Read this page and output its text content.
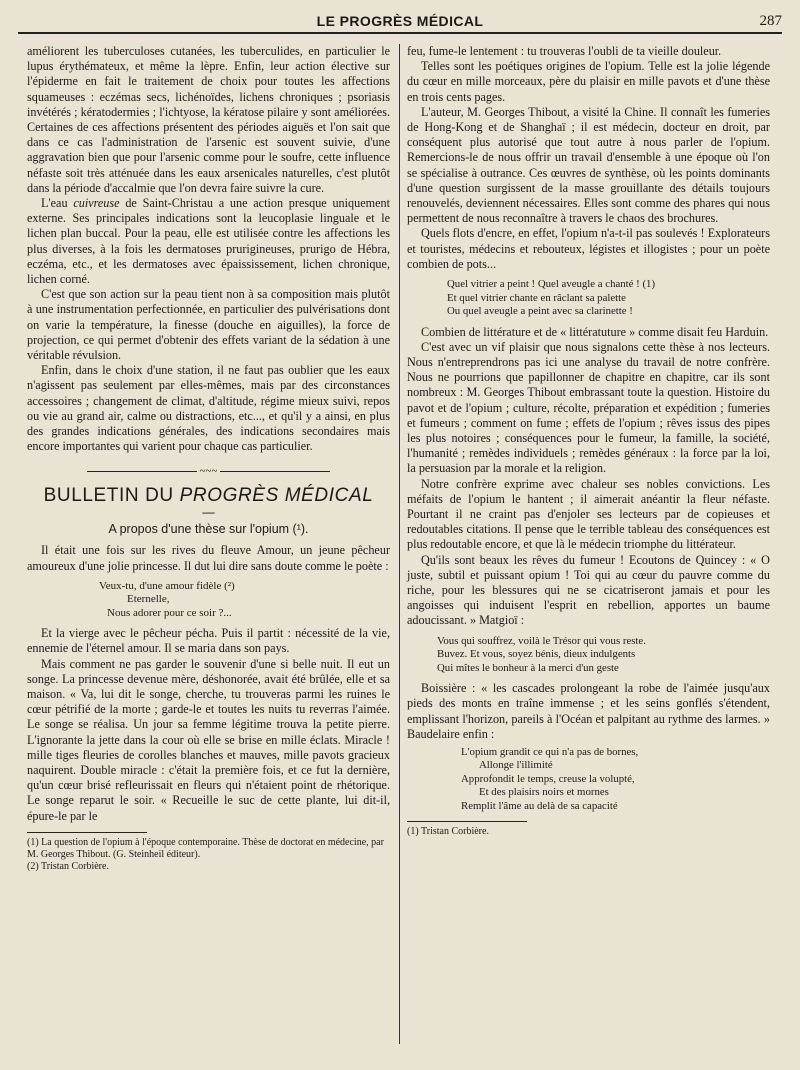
LE PROGRÈS MÉDICAL	287

améliorent les tuberculoses cutanées, les tuberculides, en particulier le lupus érythémateux, et même la lèpre. Enfin, leur action élective sur l'épiderme en fait le traitement de choix pour toutes les affections squameuses : eczémas secs, lichénoïdes, lichens chroniques ; psoriasis invétérés ; kératodermies ; l'ichtyose, la kératose pilaire y sont améliorées. Certaines de ces affections présentent des périodes aiguës et l'on sait que dans ce cas l'administration de l'arsenic est souvent suivie, d'une aggravation bien que pour l'arsenic comme pour le soufre, cette influence néfaste soit très atténuée dans les eaux arsenicales naturelles, c'est plutôt dans la période d'accalmie que l'on devra faire suivre la cure.

L'eau cuivreuse de Saint-Christau a une action presque uniquement externe. Ses principales indications sont la leucoplasie linguale et le lichen plan buccal. Pour la peau, elle est utilisée contre les affections les plus diverses, à la fois les dermatoses prurigineuses, prurigo de Hébra, eczéma, etc., et les dermatoses avec épaississement, lichen chronique, lichen corné.

C'est que son action sur la peau tient non à sa composition mais plutôt à une instrumentation perfectionnée, en particulier des pulvérisations dont on varie la température, la finesse (douche en aiguilles), la force de projection, ce qui permet d'obtenir des effets variant de la sédation à une véritable révulsion.

Enfin, dans le choix d'une station, il ne faut pas oublier que les eaux n'agissent pas seulement par elles-mêmes, mais par des circonstances accessoires ; changement de climat, d'altitude, régime mieux suivi, repos ou vie au grand air, calme ou distractions, etc..., et qu'il y a ainsi, en plus des grandes indications générales, des indications secondaires mais encore importantes qui varient pour chaque cas particulier.

~~~
BULLETIN DU PROGRÈS MÉDICAL
—
A propos d'une thèse sur l'opium (¹).

Il était une fois sur les rives du fleuve Amour, un jeune pêcheur amoureux d'une jolie princesse. Il dut lui dire sans doute comme le poète :

Veux-tu, d'une amour fidèle (²)
Eternelle,
Nous adorer pour ce soir ?...

Et la vierge avec le pêcheur pécha. Puis il partit : nécessité de la vie, ennemie de l'éternel amour. Il se maria dans son pays.

Mais comment ne pas garder le souvenir d'une si belle nuit. Il eut un songe. La princesse devenue mère, déshonorée, avait été brûlée, elle et sa maison. « Va, lui dit le songe, cherche, tu trouveras parmi les ruines le cœur pétrifié de la morte ; garde-le et toutes les nuits tu reverras l'aimée. Le songe se réalisa. Un jour sa femme légitime trouva la petite pierre. L'ignorante la jette dans la cour où elle se brise en mille éclats. Miracle ! mille tiges fleuries de corolles blanches et mauves, mille pavots gracieux naquirent. Double miracle : c'était la première fois, et ce fut la dernière, qu'un cœur brisé refleurissait en fleurs qui n'étaient point de rhétorique. Le songe reparut le soir. « Recueille le suc de cette plante, lui dit-il, épure-le par le

(1) La question de l'opium à l'époque contemporaine. Thèse de doctorat en médecine, par M. Georges Thibout. (G. Steinheil éditeur).
(2) Tristan Corbière.

feu, fume-le lentement : tu trouveras l'oubli de ta vieille douleur.

Telles sont les poétiques origines de l'opium. Telle est la jolie légende du cœur en mille morceaux, père du plaisir en mille pavots et d'une thèse en trois cents pages.

L'auteur, M. Georges Thibout, a visité la Chine. Il connaît les fumeries de Hong-Kong et de Shanghaï ; il est médecin, docteur en droit, par conséquent plus autorisé que tout autre à nous parler de l'opium. Remercions-le de nous offrir un travail d'ensemble à une époque où l'on se spécialise à outrance. Ces œuvres de synthèse, où les points dominants d'une question surgissent de la masse grouillante des détails toujours renouvelés, deviennent nécessaires. Elles sont comme des phares qui nous permettent de nous reconnaître à travers le chaos des brochures.

Quels flots d'encre, en effet, l'opium n'a-t-il pas soulevés ! Explorateurs et touristes, médecins et rebouteux, légistes et illogistes ; pour un poète combien de pots...

Quel vitrier a peint ! Quel aveugle a chanté ! (1)
Et quel vitrier chante en râclant sa palette
Ou quel aveugle a peint avec sa clarinette !

Combien de littérature et de « littératuture » comme disait feu Harduin.

C'est avec un vif plaisir que nous signalons cette thèse à nos lecteurs. Nous n'entreprendrons pas ici une analyse du travail de notre confrère. Nous ne pourrions que papillonner de chapitre en chapitre, car ils sont nombreux : M. Georges Thibout embrassant toute la question. Histoire du pavot et de l'opium ; culture, récolte, préparation et expédition ; fumeries et fumeurs ; comment on fume ; effets de l'opium ; rêves issus des pipes les plus notoires ; conséquences pour le fumeur, la famille, la société, l'humanité ; remèdes individuels ; remèdes généraux : la force par la loi, la persuasion par la morale et la religion.

Notre confrère exprime avec chaleur ses nobles convictions. Les méfaits de l'opium le hantent ; il aimerait anéantir la fleur néfaste. Pourtant il ne craint pas d'enjoler ses lecteurs par de copieuses et redoutables citations. Il pense que le terrible tableau des conséquences est plus redoutable encore, et que là le médecin triomphe du littérateur.

Qu'ils sont beaux les rêves du fumeur ! Ecoutons de Quincey : « O juste, subtil et puissant opium ! Toi qui au cœur du pauvre comme du riche, pour les blessures qui ne se cicatriseront jamais et pour les angoisses qui induisent l'esprit en rebellion, apportes un baume adoucissant. » Matgioï :

Vous qui souffrez, voilà le Trésor qui vous reste.
Buvez. Et vous, soyez bénis, dieux indulgents
Qui mîtes le bonheur à la merci d'un geste

Boissière : « les cascades prolongeant la robe de l'aimée jusqu'aux pieds des monts en traîne immense ; et les seins gonflés s'étendent, emplissant l'horizon, pareils à l'Océan et palpitant au rythme des larmes. » Baudelaire enfin :

L'opium grandit ce qui n'a pas de bornes,
Allonge l'illimité
Approfondit le temps, creuse la volupté,
Et des plaisirs noirs et mornes
Remplit l'âme au delà de sa capacité
(1) Tristan Corbière.
